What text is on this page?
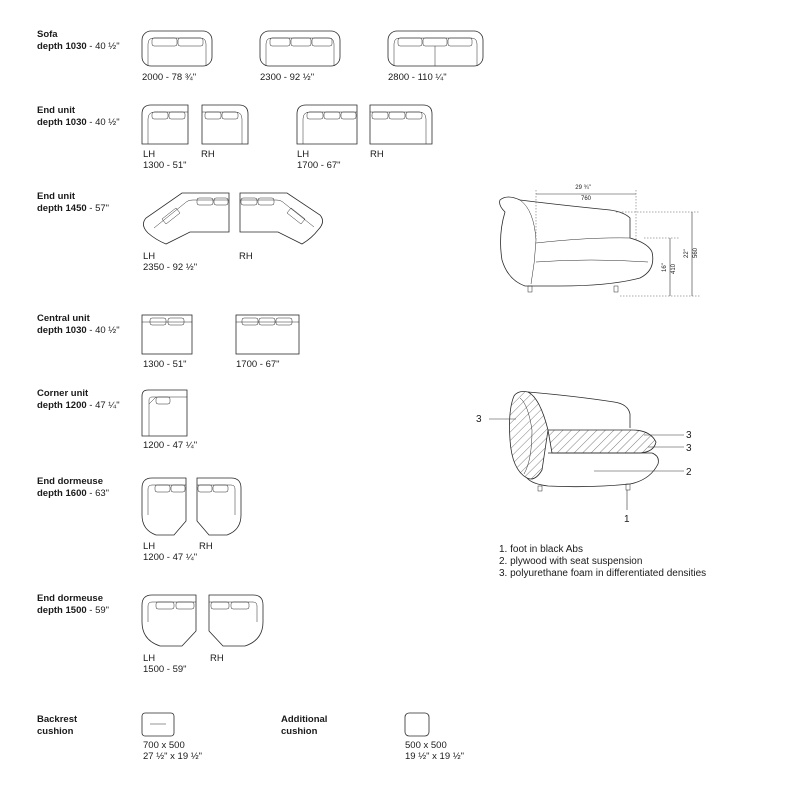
Sofa
depth 1030 - 40 ½"
End unit
depth 1030 - 40 ½"
End unit
depth 1450 - 57"
Central unit
depth 1030 - 40 ½"
Corner unit
depth 1200 - 47 ¼"
End dormeuse
depth 1600 - 63"
End dormeuse
depth 1500 - 59"
Backrest
cushion
Additional
cushion
29 ¾"
760
16" 410
22" 560
3
3
3
2
1
2000 - 78 ¾"	2300 - 92 ½"	2800 - 110 ¼"
LH	RH
1300 - 51"
LH	RH
1700 - 67"
LH	RH
2350 - 92 ½"
1300 - 51"	1700 - 67"
1200 - 47 ¼"
LH	RH
1200 - 47 ¼"
LH	RH
1500 - 59"
700 x 500
27 ½" x 19 ½"
500 x 500
19 ½" x 19 ½"
1. foot in black Abs
2. plywood with seat suspension
3. polyurethane foam in differentiated densities
